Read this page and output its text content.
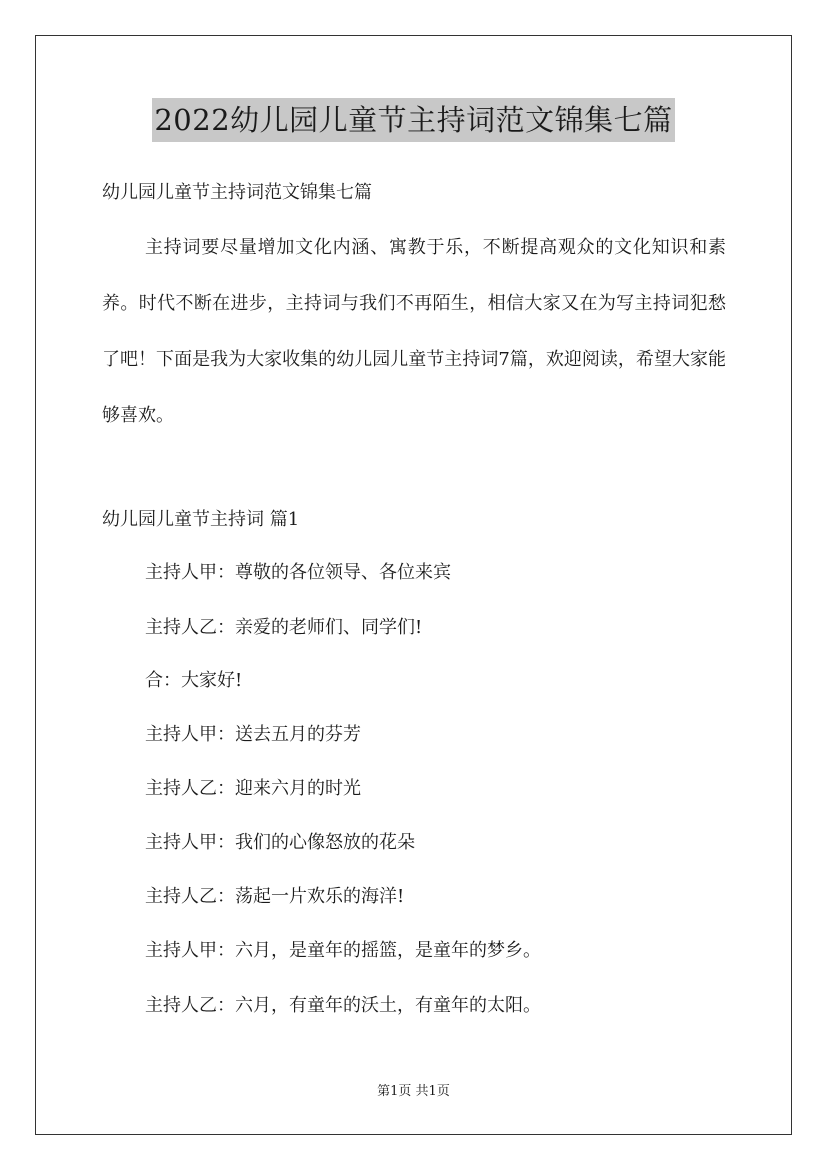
2022幼儿园儿童节主持词范文锦集七篇
幼儿园儿童节主持词范文锦集七篇
主持词要尽量增加文化内涵、寓教于乐，不断提高观众的文化知识和素养。时代不断在进步，主持词与我们不再陌生，相信大家又在为写主持词犯愁了吧！下面是我为大家收集的幼儿园儿童节主持词7篇，欢迎阅读，希望大家能够喜欢。
幼儿园儿童节主持词 篇1
主持人甲：尊敬的各位领导、各位来宾
主持人乙：亲爱的老师们、同学们!
合：大家好!
主持人甲：送去五月的芬芳
主持人乙：迎来六月的时光
主持人甲：我们的心像怒放的花朵
主持人乙：荡起一片欢乐的海洋!
主持人甲：六月，是童年的摇篮，是童年的梦乡。
主持人乙：六月，有童年的沃土，有童年的太阳。
第1页 共1页
